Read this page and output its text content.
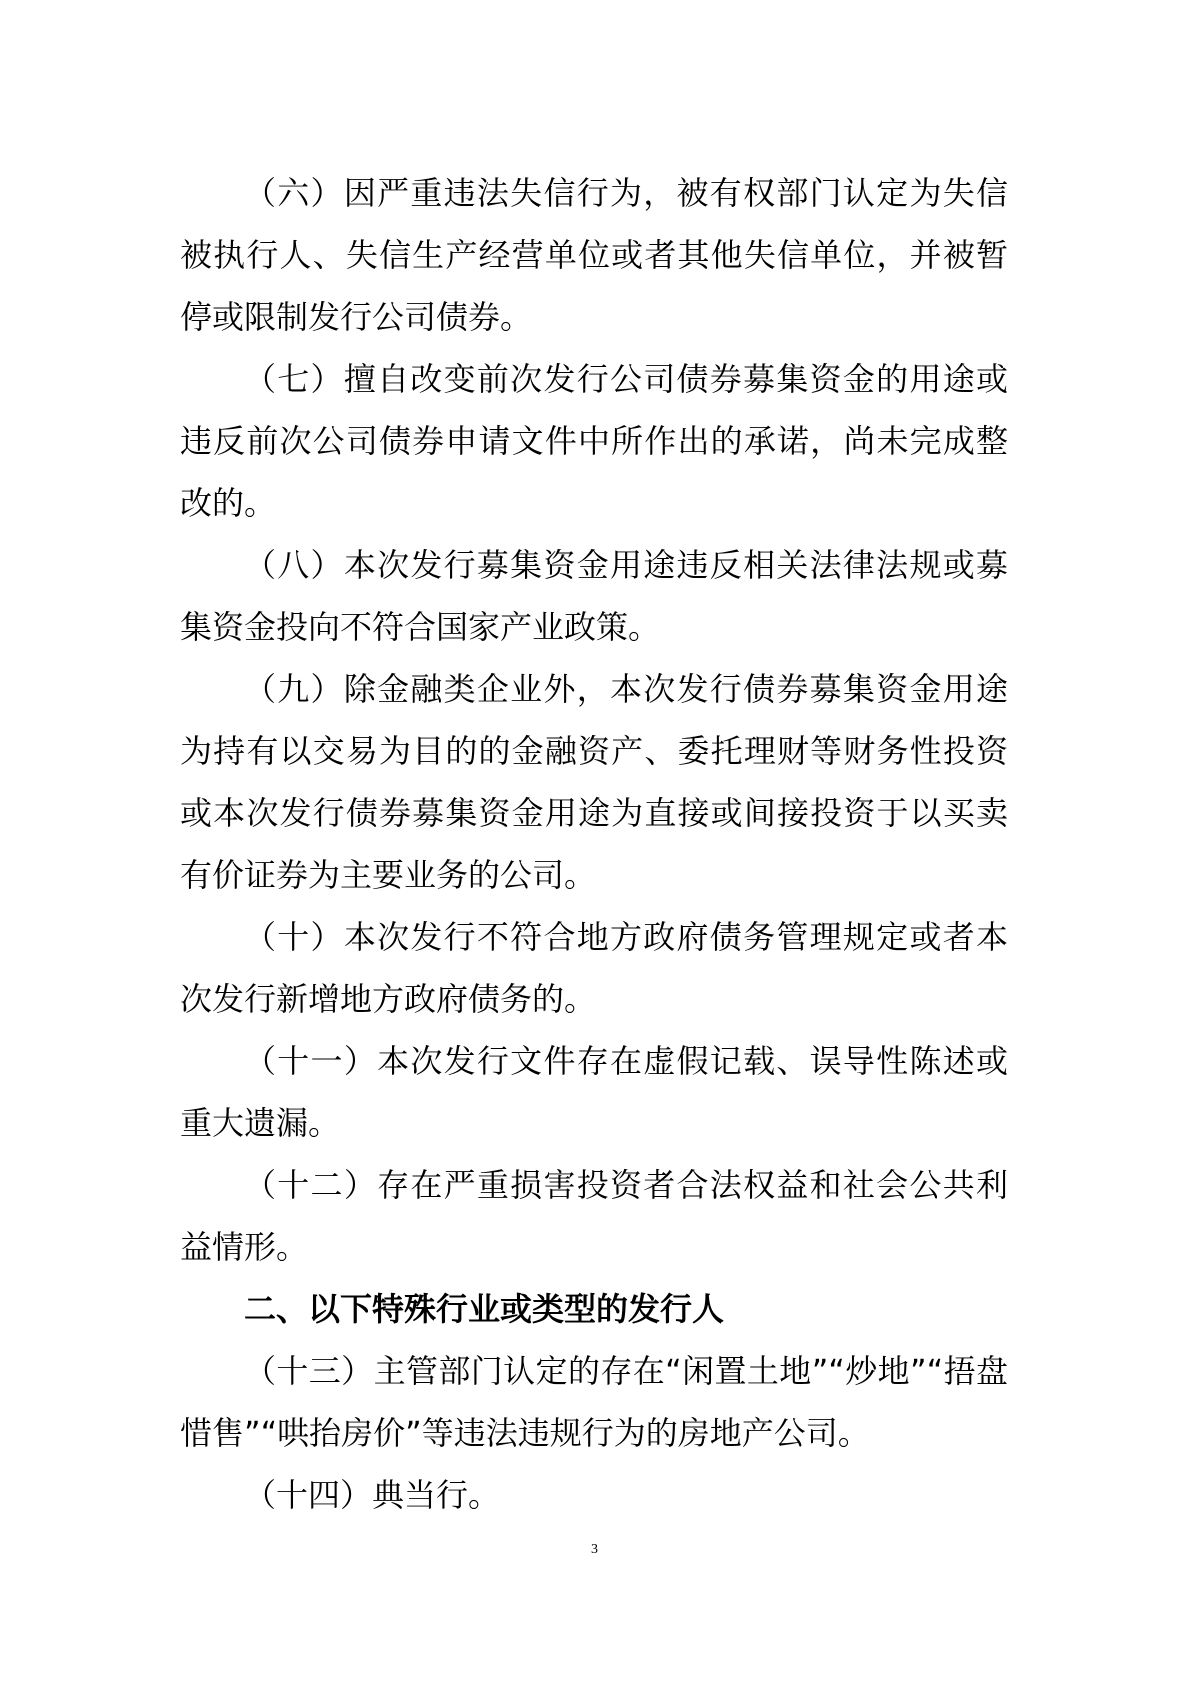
（六）因严重违法失信行为，被有权部门认定为失信被执行人、失信生产经营单位或者其他失信单位，并被暂停或限制发行公司债券。

（七）擅自改变前次发行公司债券募集资金的用途或违反前次公司债券申请文件中所作出的承诺，尚未完成整改的。

（八）本次发行募集资金用途违反相关法律法规或募集资金投向不符合国家产业政策。

（九）除金融类企业外，本次发行债券募集资金用途为持有以交易为目的的金融资产、委托理财等财务性投资或本次发行债券募集资金用途为直接或间接投资于以买卖有价证券为主要业务的公司。

（十）本次发行不符合地方政府债务管理规定或者本次发行新增地方政府债务的。

（十一）本次发行文件存在虚假记载、误导性陈述或重大遗漏。

（十二）存在严重损害投资者合法权益和社会公共利益情形。

二、以下特殊行业或类型的发行人

（十三）主管部门认定的存在“闲置土地”“炒地”“捂盘惜售”“哄抬房价”等违法违规行为的房地产公司。

（十四）典当行。

3
